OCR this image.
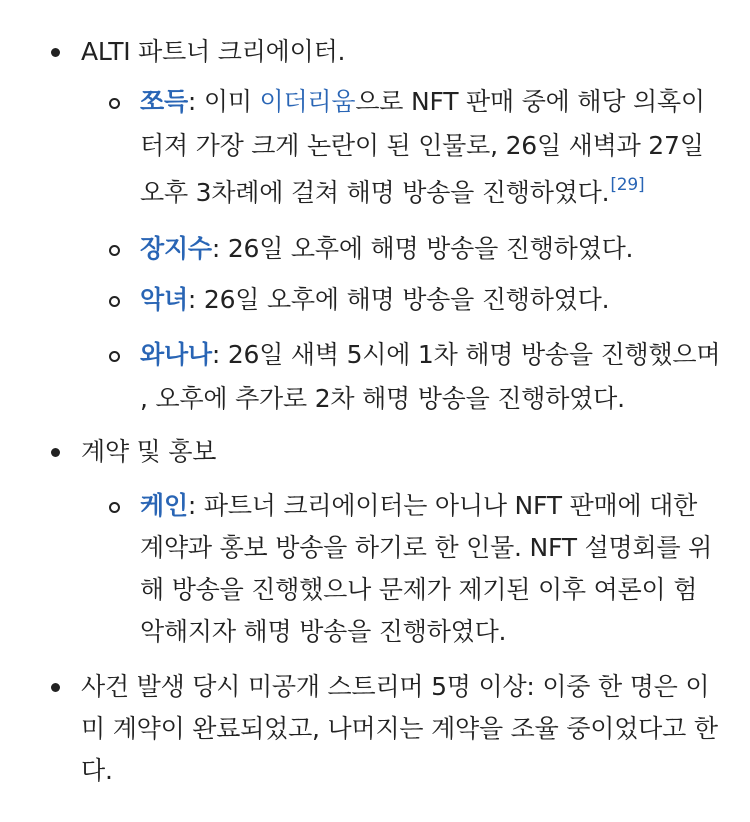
ALTI 파트너 크리에이터.
쪼득: 이미 이더리움으로 NFT 판매 중에 해당 의혹이
터져 가장 크게 논란이 된 인물로, 26일 새벽과 27일
오후 3차례에 걸쳐 해명 방송을 진행하였다.[29]
장지수: 26일 오후에 해명 방송을 진행하였다.
악녀: 26일 오후에 해명 방송을 진행하였다.
와나나: 26일 새벽 5시에 1차 해명 방송을 진행했으며
, 오후에 추가로 2차 해명 방송을 진행하였다.
계약 및 홍보
케인: 파트너 크리에이터는 아니나 NFT 판매에 대한
계약과 홍보 방송을 하기로 한 인물. NFT 설명회를 위
해 방송을 진행했으나 문제가 제기된 이후 여론이 험
악해지자 해명 방송을 진행하였다.
사건 발생 당시 미공개 스트리머 5명 이상: 이중 한 명은 이
미 계약이 완료되었고, 나머지는 계약을 조율 중이었다고 한
다.
